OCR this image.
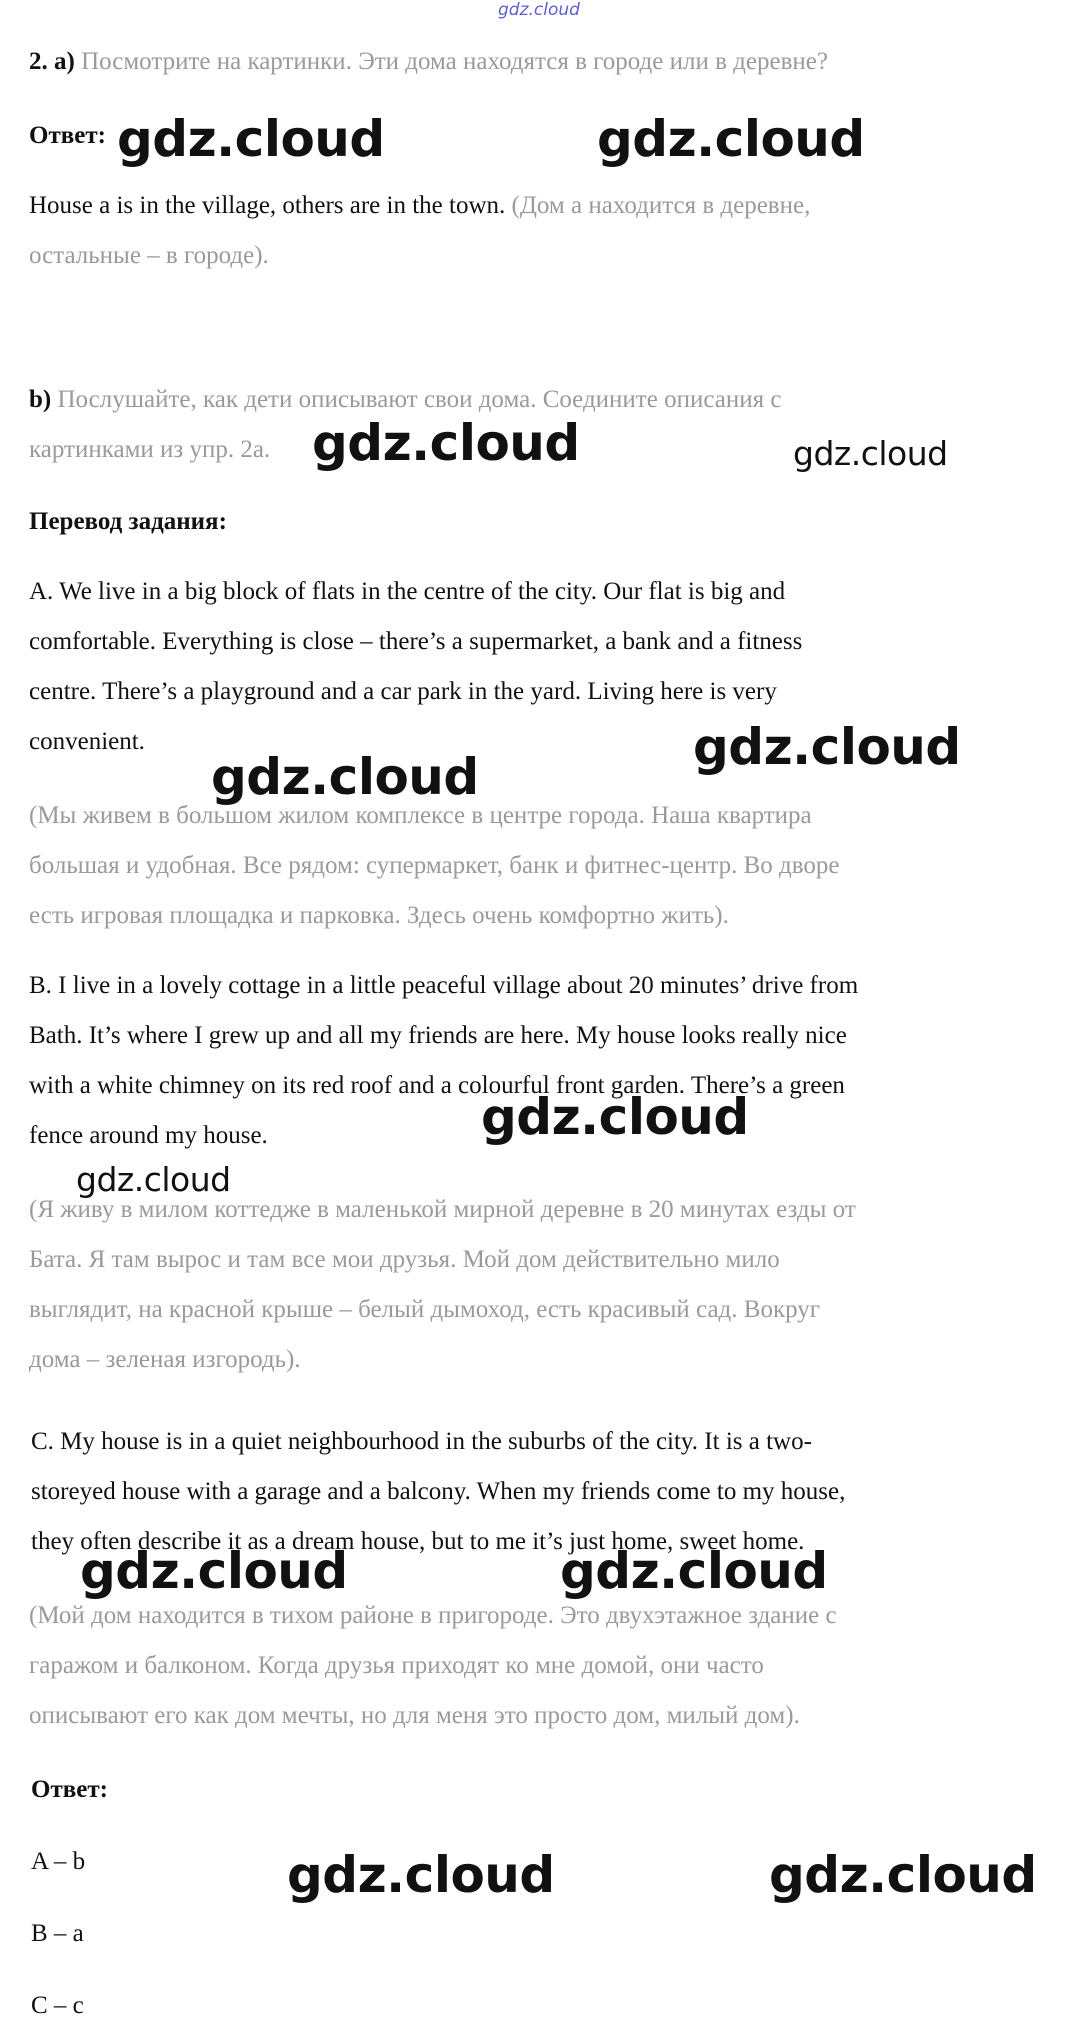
gdz.cloud
2. a) Посмотрите на картинки. Эти дома находятся в городе или в деревне?
Ответ:
House a is in the village, others are in the town. (Дом а находится в деревне,
остальные – в городе).
b) Послушайте, как дети описывают свои дома. Соедините описания с
картинками из упр. 2а.
Перевод задания:
A. We live in a big block of flats in the centre of the city. Our flat is big and
comfortable. Everything is close – there’s a supermarket, a bank and a fitness
centre. There’s a playground and a car park in the yard. Living here is very
convenient.
(Мы живем в большом жилом комплексе в центре города. Наша квартира
большая и удобная. Все рядом: супермаркет, банк и фитнес-центр. Во дворе
есть игровая площадка и парковка. Здесь очень комфортно жить).
B. I live in a lovely cottage in a little peaceful village about 20 minutes’ drive from
Bath. It’s where I grew up and all my friends are here. My house looks really nice
with a white chimney on its red roof and a colourful front garden. There’s a green
fence around my house.
(Я живу в милом коттедже в маленькой мирной деревне в 20 минутах езды от
Бата. Я там вырос и там все мои друзья. Мой дом действительно мило
выглядит, на красной крыше – белый дымоход, есть красивый сад. Вокруг
дома – зеленая изгородь).
C. My house is in a quiet neighbourhood in the suburbs of the city. It is a two-
storeyed house with a garage and a balcony. When my friends come to my house,
they often describe it as a dream house, but to me it’s just home, sweet home.
(Мой дом находится в тихом районе в пригороде. Это двухэтажное здание с
гаражом и балконом. Когда друзья приходят ко мне домой, они часто
описывают его как дом мечты, но для меня это просто дом, милый дом).
Ответ:
A – b
B – a
C – c
gdz.cloud	gdz.cloud
gdz.cloud	gdz.cloud
gdz.cloud
gdz.cloud
gdz.cloud
gdz.cloud
gdz.cloud	gdz.cloud
gdz.cloud	gdz.cloud
